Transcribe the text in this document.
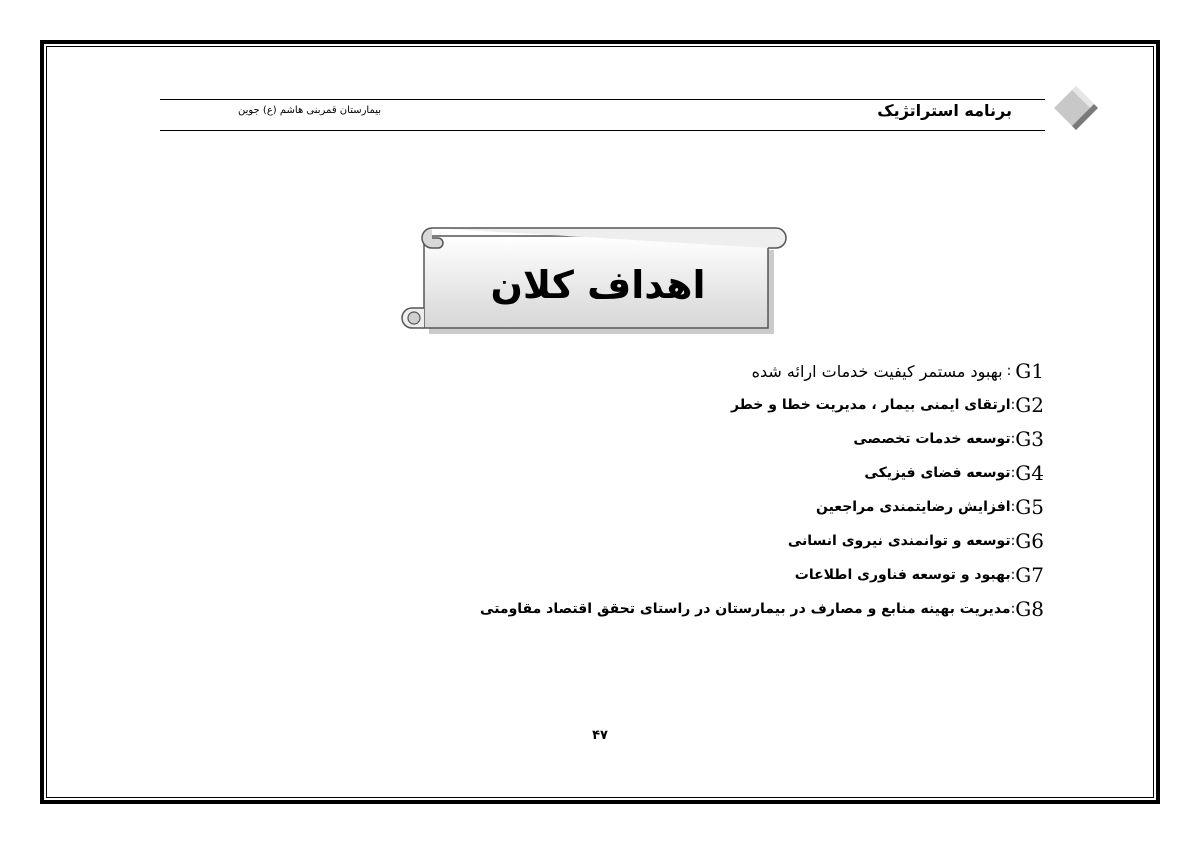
برنامه استراتژیک
بیمارستان قمربنی هاشم (ع) جوین
اهداف کلان
G1
:
بهبود مستمر کیفیت خدمات ارائه شده
G2
:
ارتقای ایمنی بیمار ، مدیریت خطا و خطر
G3
:
توسعه خدمات تخصصی
G4
:
توسعه فضای فیزیکی
G5
:
افزایش رضایتمندی مراجعین
G6
:
توسعه و توانمندی نیروی انسانی
G7
:
بهبود و توسعه فناوری اطلاعات
G8
:
مدیریت بهینه منابع و مصارف در بیمارستان در راستای تحقق اقتصاد مقاومتی
۴۷
